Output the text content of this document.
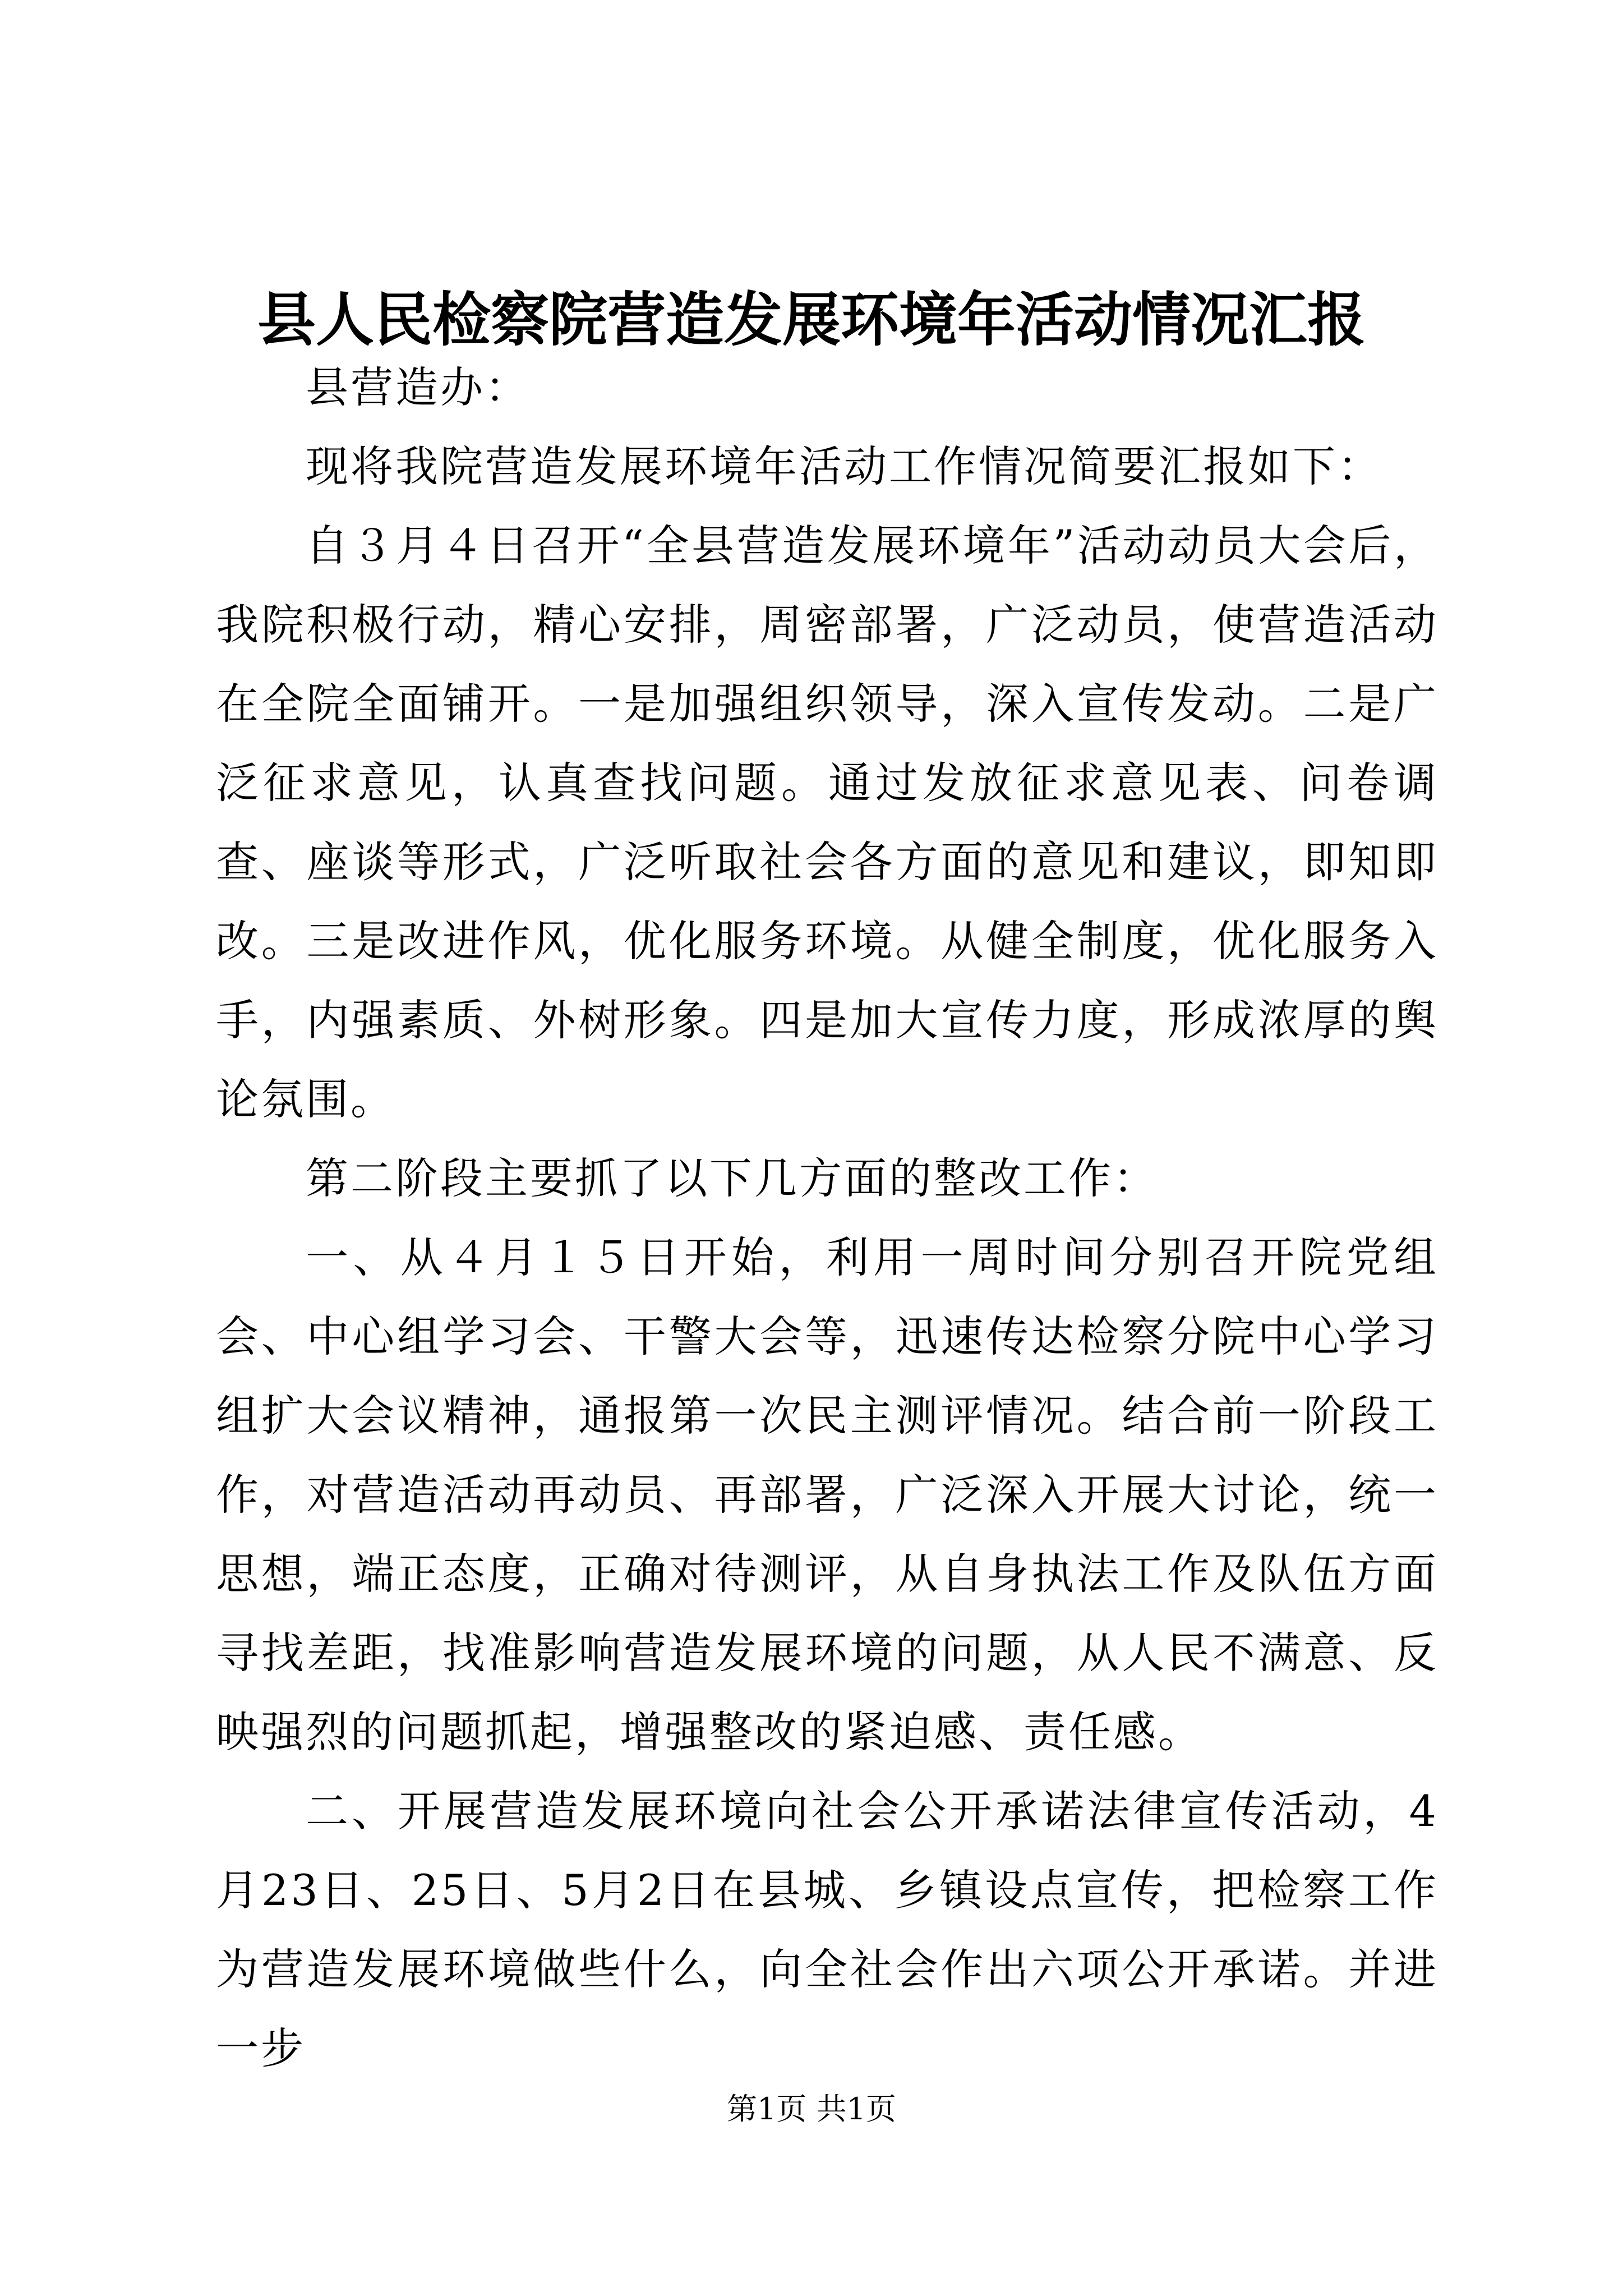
县人民检察院营造发展环境年活动情况汇报

县营造办：

现将我院营造发展环境年活动工作情况简要汇报如下：

自３月４日召开“全县营造发展环境年”活动动员大会后，我院积极行动，精心安排，周密部署，广泛动员，使营造活动在全院全面铺开。一是加强组织领导，深入宣传发动。二是广泛征求意见，认真查找问题。通过发放征求意见表、问卷调查、座谈等形式，广泛听取社会各方面的意见和建议，即知即改。三是改进作风，优化服务环境。从健全制度，优化服务入手，内强素质、外树形象。四是加大宣传力度，形成浓厚的舆论氛围。

第二阶段主要抓了以下几方面的整改工作：

一、从４月１５日开始，利用一周时间分别召开院党组会、中心组学习会、干警大会等，迅速传达检察分院中心学习组扩大会议精神，通报第一次民主测评情况。结合前一阶段工作，对营造活动再动员、再部署，广泛深入开展大讨论，统一思想，端正态度，正确对待测评，从自身执法工作及队伍方面寻找差距，找准影响营造发展环境的问题，从人民不满意、反映强烈的问题抓起，增强整改的紧迫感、责任感。

二、开展营造发展环境向社会公开承诺法律宣传活动，4月23日、25日、5月2日在县城、乡镇设点宣传，把检察工作为营造发展环境做些什么，向全社会作出六项公开承诺。并进一步

第1页 共1页
